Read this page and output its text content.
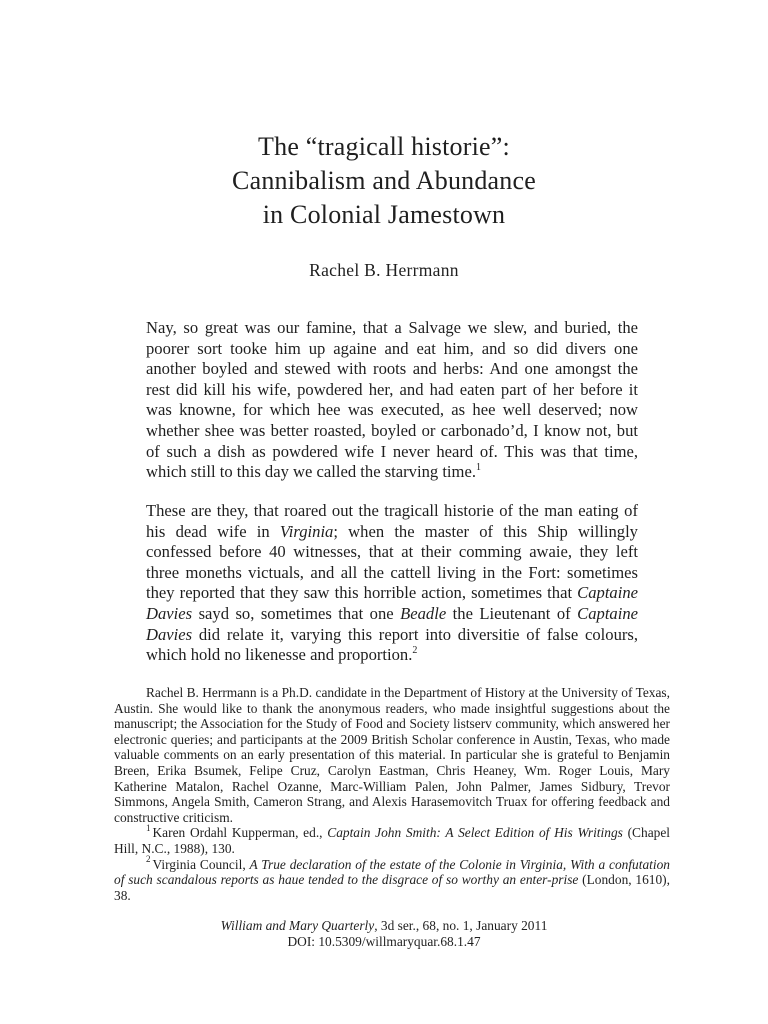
The “tragicall historie”:
Cannibalism and Abundance
in Colonial Jamestown
Rachel B. Herrmann

Nay, so great was our famine, that a Salvage we slew, and buried, the poorer sort tooke him up againe and eat him, and so did divers one another boyled and stewed with roots and herbs: And one amongst the rest did kill his wife, powdered her, and had eaten part of her before it was knowne, for which hee was executed, as hee well deserved; now whether shee was better roasted, boyled or carbonado’d, I know not, but of such a dish as powdered wife I never heard of. This was that time, which still to this day we called the starving time.$^1$

These are they, that roared out the tragicall historie of the man eating of his dead wife in Virginia; when the master of this Ship willingly confessed before 40 witnesses, that at their comming awaie, they left three moneths victuals, and all the cattell living in the Fort: sometimes they reported that they saw this horrible action, sometimes that Captaine Davies sayd so, sometimes that one Beadle the Lieutenant of Captaine Davies did relate it, varying this report into diversitie of false colours, which hold no likenesse and proportion.$^2$

Rachel B. Herrmann is a Ph.D. candidate in the Department of History at the University of Texas, Austin. She would like to thank the anonymous readers, who made insightful suggestions about the manuscript; the Association for the Study of Food and Society listserv community, which answered her electronic queries; and participants at the 2009 British Scholar conference in Austin, Texas, who made valuable comments on an early presentation of this material. In particular she is grateful to Benjamin Breen, Erika Bsumek, Felipe Cruz, Carolyn Eastman, Chris Heaney, Wm. Roger Louis, Mary Katherine Matalon, Rachel Ozanne, Marc-William Palen, John Palmer, James Sidbury, Trevor Simmons, Angela Smith, Cameron Strang, and Alexis Harasemovitch Truax for offering feedback and constructive criticism.

$^1$ Karen Ordahl Kupperman, ed., Captain John Smith: A Select Edition of His Writings (Chapel Hill, N.C., 1988), 130.

$^2$ Virginia Council, A True declaration of the estate of the Colonie in Virginia, With a confutation of such scandalous reports as haue tended to the disgrace of so worthy an enter-prise (London, 1610), 38.

William and Mary Quarterly, 3d ser., 68, no. 1, January 2011
DOI: 10.5309/willmaryquar.68.1.47
